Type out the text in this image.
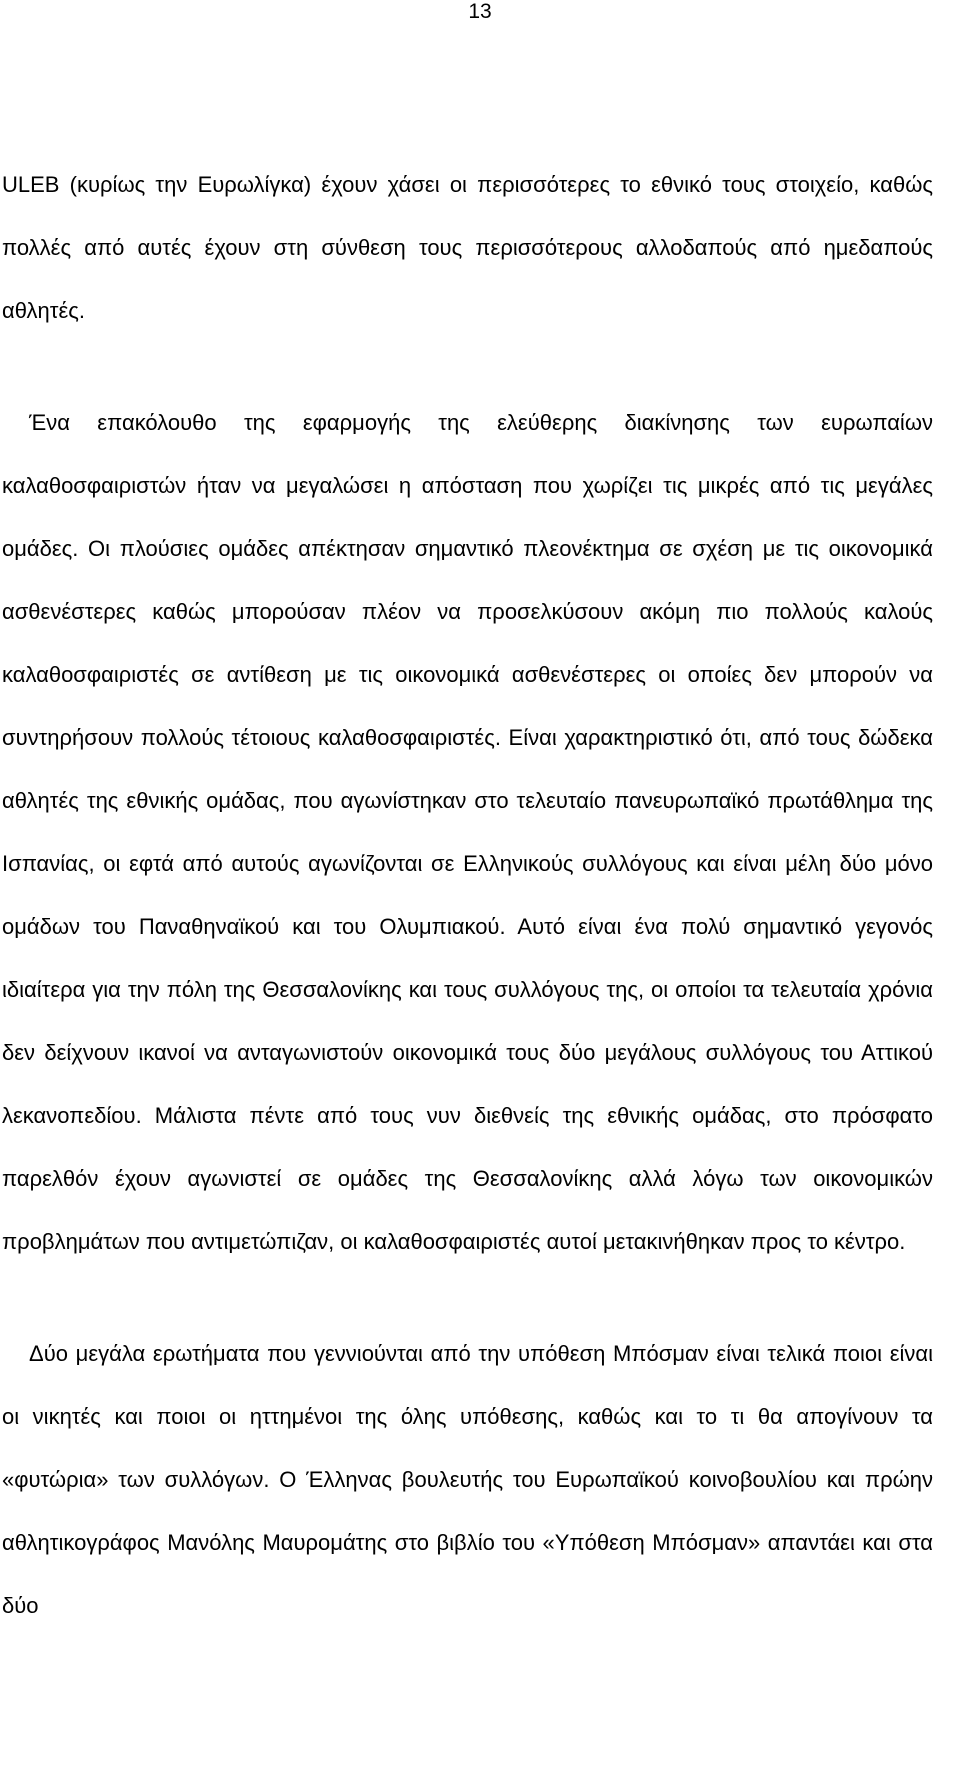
13

ULEB (κυρίως την Ευρωλίγκα) έχουν χάσει οι περισσότερες το εθνικό τους στοιχείο, καθώς πολλές από αυτές έχουν στη σύνθεση τους περισσότερους αλλοδαπούς από ημεδαπούς αθλητές.

Ένα επακόλουθο της εφαρμογής της ελεύθερης διακίνησης των ευρωπαίων καλαθοσφαιριστών ήταν να μεγαλώσει η απόσταση που χωρίζει τις μικρές από τις μεγάλες ομάδες. Οι πλούσιες ομάδες απέκτησαν σημαντικό πλεονέκτημα σε σχέση με τις οικονομικά ασθενέστερες καθώς μπορούσαν πλέον να προσελκύσουν ακόμη πιο πολλούς καλούς καλαθοσφαιριστές σε αντίθεση με τις οικονομικά ασθενέστερες οι οποίες δεν μπορούν να συντηρήσουν πολλούς τέτοιους καλαθοσφαιριστές. Είναι χαρακτηριστικό ότι, από τους δώδεκα αθλητές της εθνικής ομάδας, που αγωνίστηκαν στο τελευταίο πανευρωπαϊκό πρωτάθλημα της Ισπανίας, οι εφτά από αυτούς αγωνίζονται σε Ελληνικούς συλλόγους και είναι μέλη δύο μόνο ομάδων του Παναθηναϊκού και του Ολυμπιακού. Αυτό είναι ένα πολύ σημαντικό γεγονός ιδιαίτερα για την πόλη της Θεσσαλονίκης και τους συλλόγους της, οι οποίοι τα τελευταία χρόνια δεν δείχνουν ικανοί να ανταγωνιστούν οικονομικά τους δύο μεγάλους συλλόγους του Αττικού λεκανοπεδίου. Μάλιστα πέντε από τους νυν διεθνείς της εθνικής ομάδας, στο πρόσφατο παρελθόν έχουν αγωνιστεί σε ομάδες της Θεσσαλονίκης αλλά λόγω των οικονομικών προβλημάτων που αντιμετώπιζαν, οι καλαθοσφαιριστές αυτοί μετακινήθηκαν προς το κέντρο.

Δύο μεγάλα ερωτήματα που γεννιούνται από την υπόθεση Μπόσμαν είναι τελικά ποιοι είναι οι νικητές και ποιοι οι ηττημένοι της όλης υπόθεσης, καθώς και το τι θα απογίνουν τα «φυτώρια» των συλλόγων. Ο Έλληνας βουλευτής του Ευρωπαϊκού κοινοβουλίου και πρώην αθλητικογράφος Μανόλης Μαυρομάτης στο βιβλίο του «Υπόθεση Μπόσμαν» απαντάει και στα δύο
